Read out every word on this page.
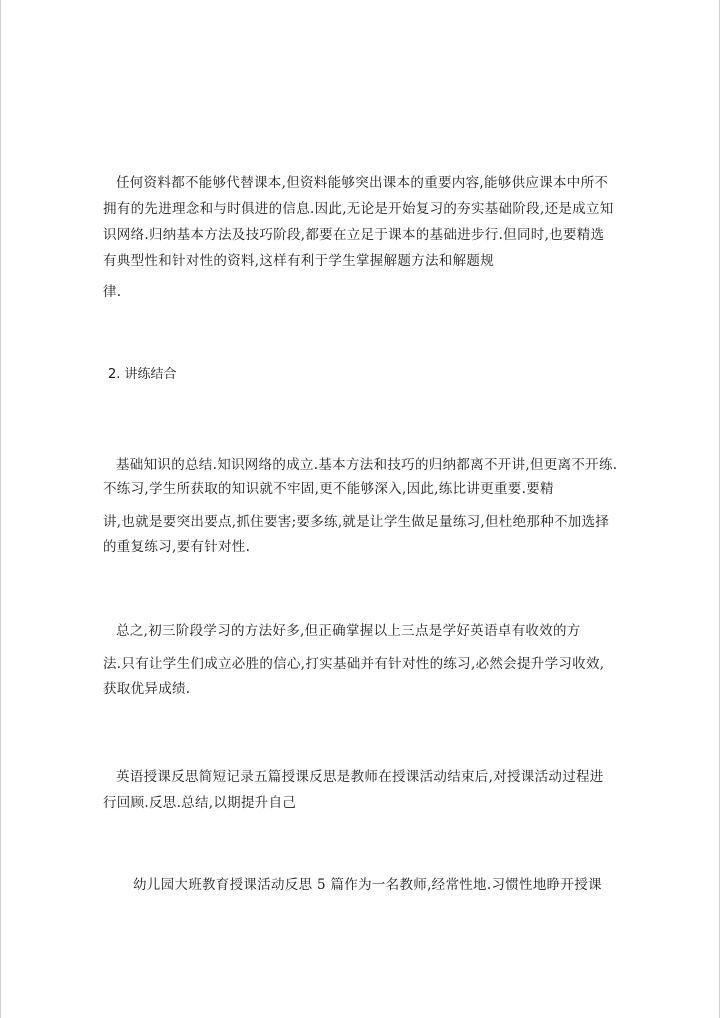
任何资料都不能够代替课本,但资料能够突出课本的重要内容,能够供应课本中所不

拥有的先进理念和与时俱进的信息.因此,无论是开始复习的夯实基础阶段,还是成立知

识网络.归纳基本方法及技巧阶段,都要在立足于课本的基础进步行.但同时,也要精选

有典型性和针对性的资料,这样有利于学生掌握解题方法和解题规

律.

2. 讲练结合

基础知识的总结.知识网络的成立.基本方法和技巧的归纳都离不开讲,但更离不开练.

不练习,学生所获取的知识就不牢固,更不能够深入,因此,练比讲更重要.要精

讲,也就是要突出要点,抓住要害;要多练,就是让学生做足量练习,但杜绝那种不加选择

的重复练习,要有针对性.

总之,初三阶段学习的方法好多,但正确掌握以上三点是学好英语卓有收效的方

法.只有让学生们成立必胜的信心,打实基础并有针对性的练习,必然会提升学习收效,

获取优异成绩.

英语授课反思简短记录五篇授课反思是教师在授课活动结束后,对授课活动过程进

行回顾.反思.总结,以期提升自己

幼儿园大班教育授课活动反思 5 篇作为一名教师,经常性地.习惯性地睁开授课
